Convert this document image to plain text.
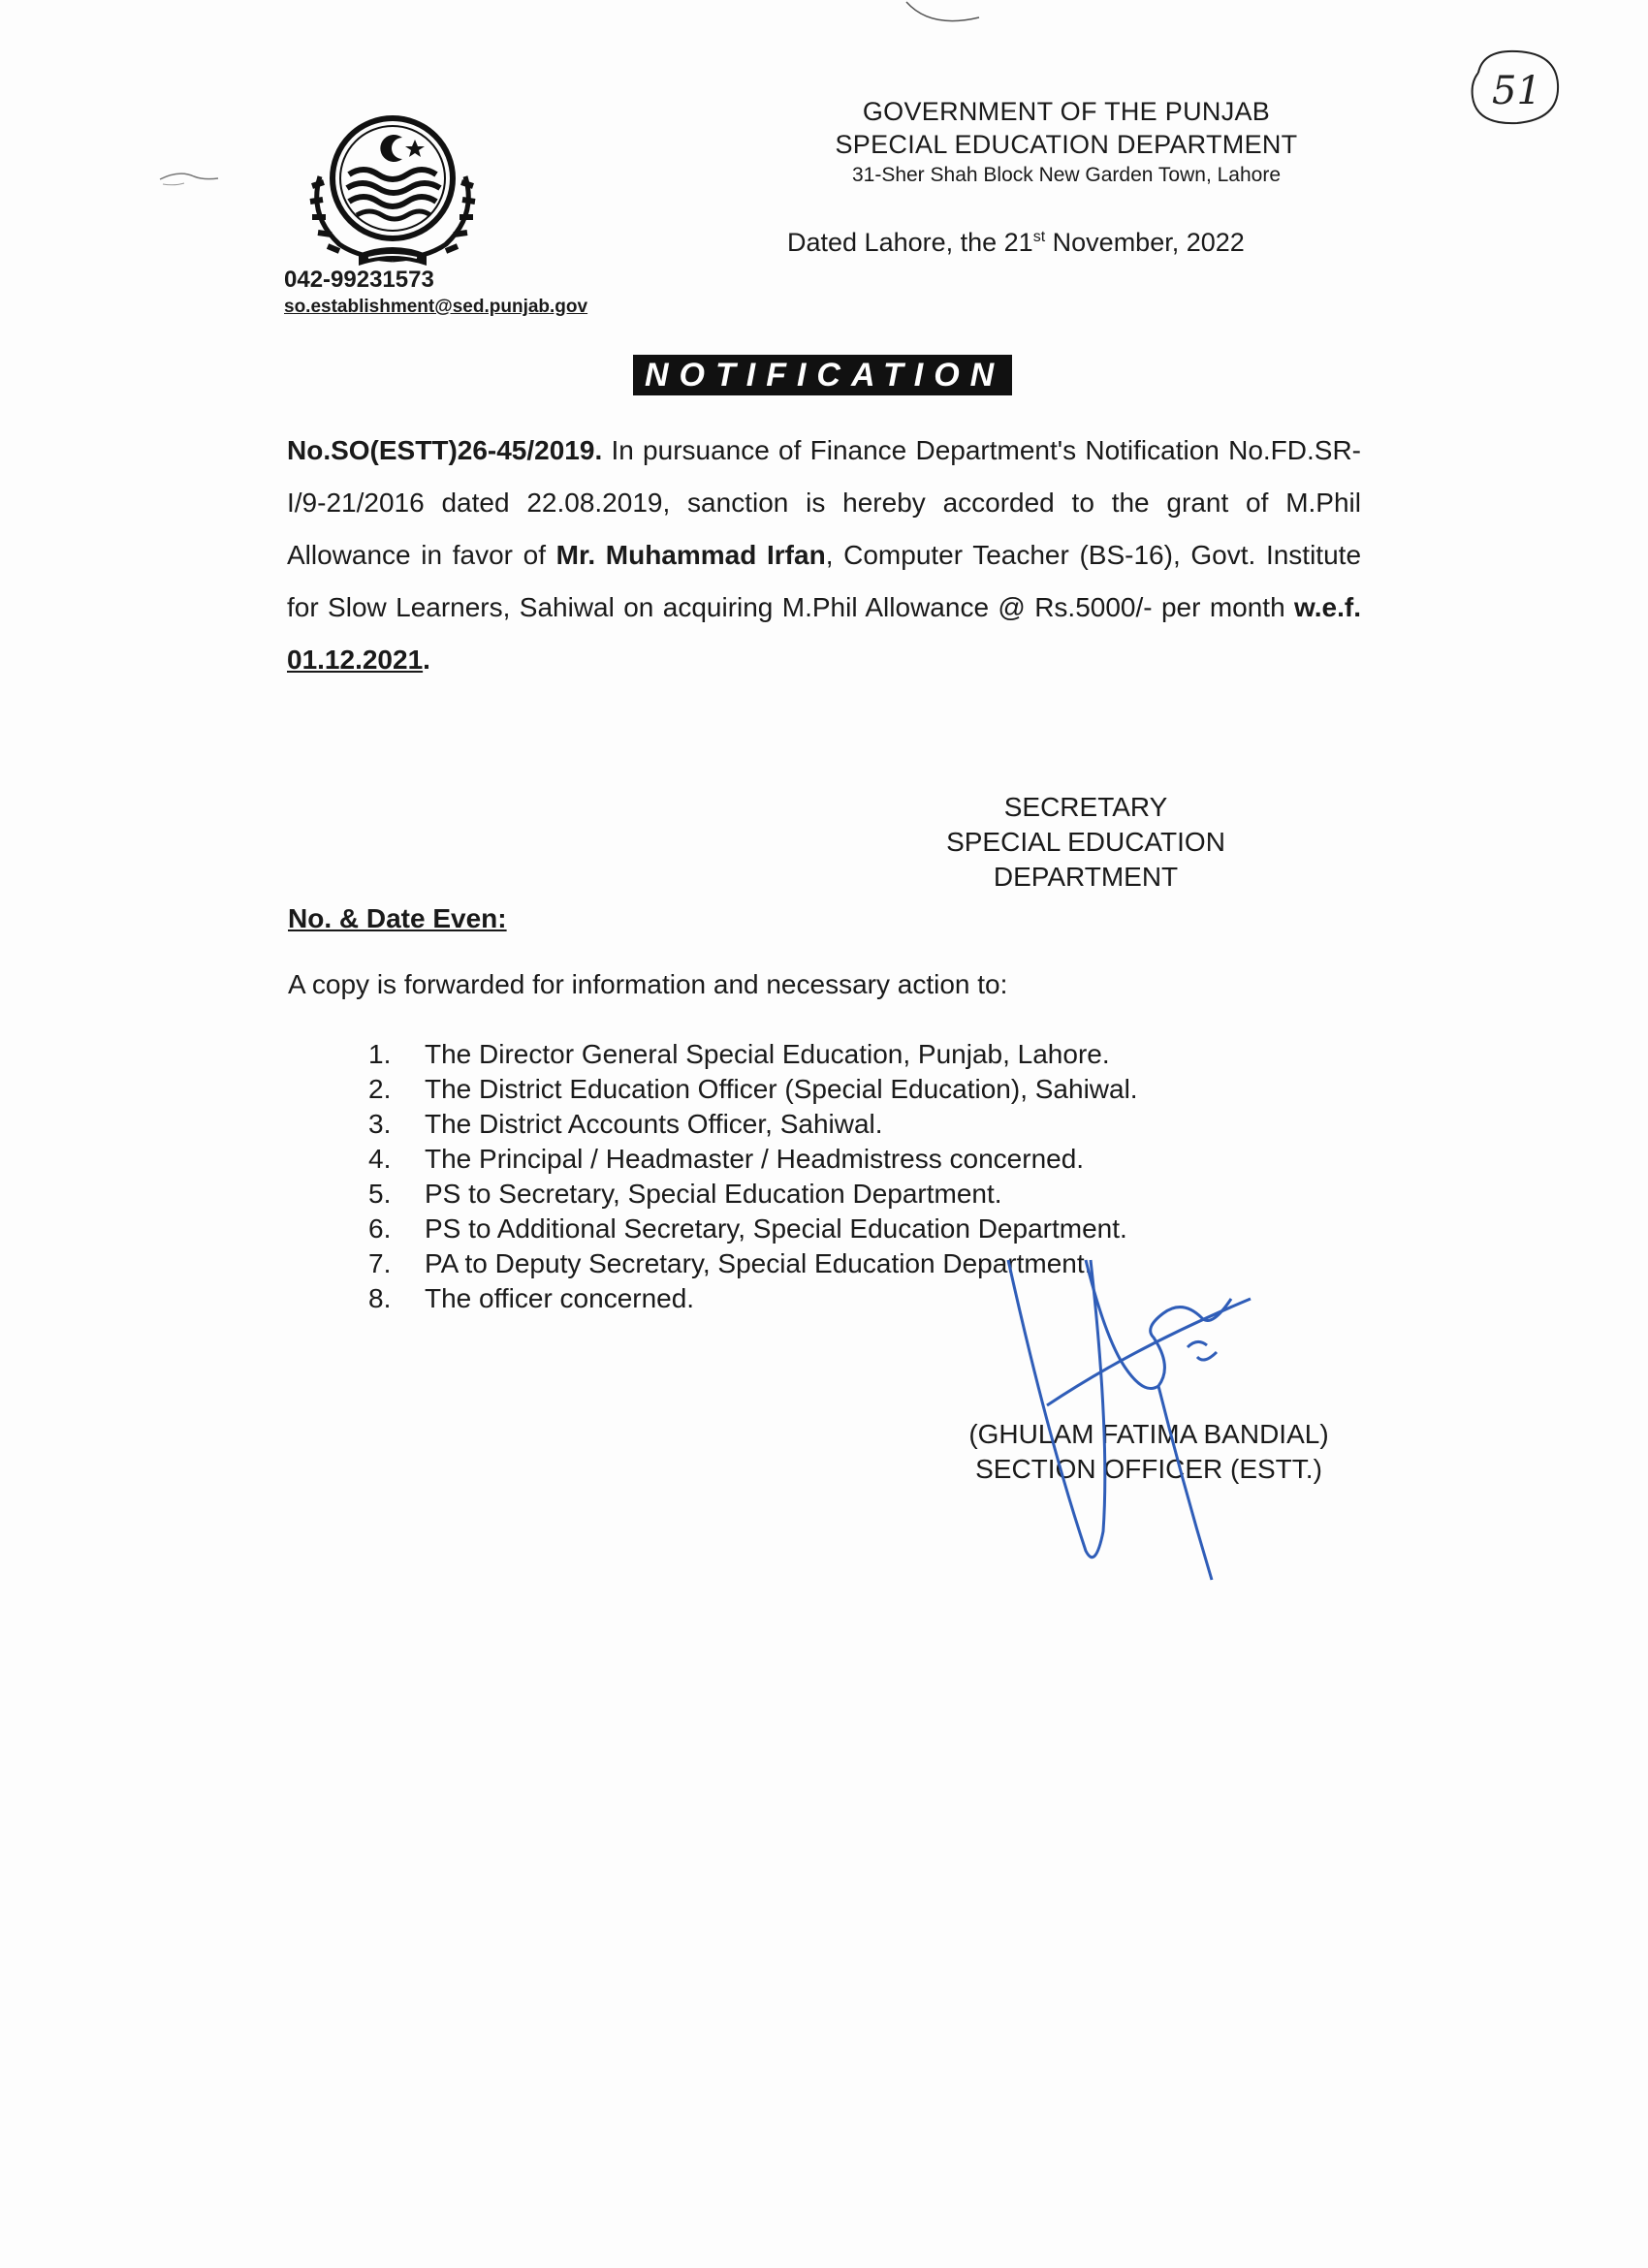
51
GOVERNMENT OF THE PUNJAB
SPECIAL EDUCATION DEPARTMENT
31-Sher Shah Block New Garden Town, Lahore
Dated Lahore, the 21st November, 2022
042-99231573
so.establishment@sed.punjab.gov
NOTIFICATION
No.SO(ESTT)26-45/2019. In pursuance of Finance Department's Notification No.FD.SR-I/9-21/2016 dated 22.08.2019, sanction is hereby accorded to the grant of M.Phil Allowance in favor of Mr. Muhammad Irfan, Computer Teacher (BS-16), Govt. Institute for Slow Learners, Sahiwal on acquiring M.Phil Allowance @ Rs.5000/- per month w.e.f. 01.12.2021.
SECRETARY
SPECIAL EDUCATION
DEPARTMENT
No. & Date Even:
A copy is forwarded for information and necessary action to:
1. The Director General Special Education, Punjab, Lahore.
2. The District Education Officer (Special Education), Sahiwal.
3. The District Accounts Officer, Sahiwal.
4. The Principal / Headmaster / Headmistress concerned.
5. PS to Secretary, Special Education Department.
6. PS to Additional Secretary, Special Education Department.
7. PA to Deputy Secretary, Special Education Department.
8. The officer concerned.
(GHULAM FATIMA BANDIAL)
SECTION OFFICER (ESTT.)
